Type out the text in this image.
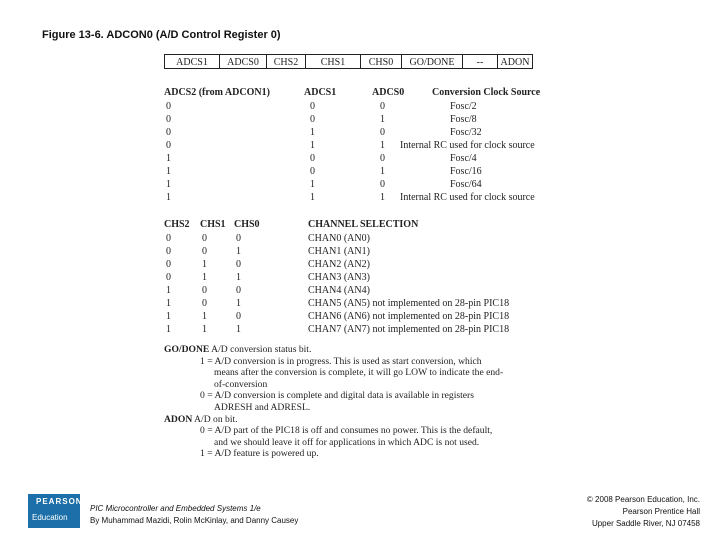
Figure 13-6. ADCON0 (A/D Control Register 0)
ADCS1	ADCS0	CHS2	CHS1	CHS0	GO/DONE	--	ADON
ADCS2 (from ADCON1)	ADCS1	ADCS0	Conversion Clock Source
0	0	0	Fosc/2
0	0	1	Fosc/8
0	1	0	Fosc/32
0	1	1 Internal RC used for clock source
1	0	0	Fosc/4
1	0	1	Fosc/16
1	1	0	Fosc/64
1	1	1 Internal RC used for clock source
CHS2 CHS1 CHS0	CHANNEL SELECTION
0	0	0	CHAN0 (AN0)
0	0	1	CHAN1 (AN1)
0	1	0	CHAN2 (AN2)
0	1	1	CHAN3 (AN3)
1	0	0	CHAN4 (AN4)
1	0	1	CHAN5 (AN5) not implemented on 28-pin PIC18
1	1	0	CHAN6 (AN6) not implemented on 28-pin PIC18
1	1	1	CHAN7 (AN7) not implemented on 28-pin PIC18
GO/DONE A/D conversion status bit.
1 = A/D conversion is in progress. This is used as start conversion, which
means after the conversion is complete, it will go LOW to indicate the end-
of-conversion
0 = A/D conversion is complete and digital data is available in registers
ADRESH and ADRESL.
ADON A/D on bit.
0 = A/D part of the PIC18 is off and consumes no power. This is the default,
and we should leave it off for applications in which ADC is not used.
1 = A/D feature is powered up.
PEARSON
Education
PIC Microcontroller and Embedded Systems 1/e
By Muhammad Mazidi, Rolin McKinlay, and Danny Causey
© 2008 Pearson Education, Inc.
Pearson Prentice Hall
Upper Saddle River, NJ 07458
